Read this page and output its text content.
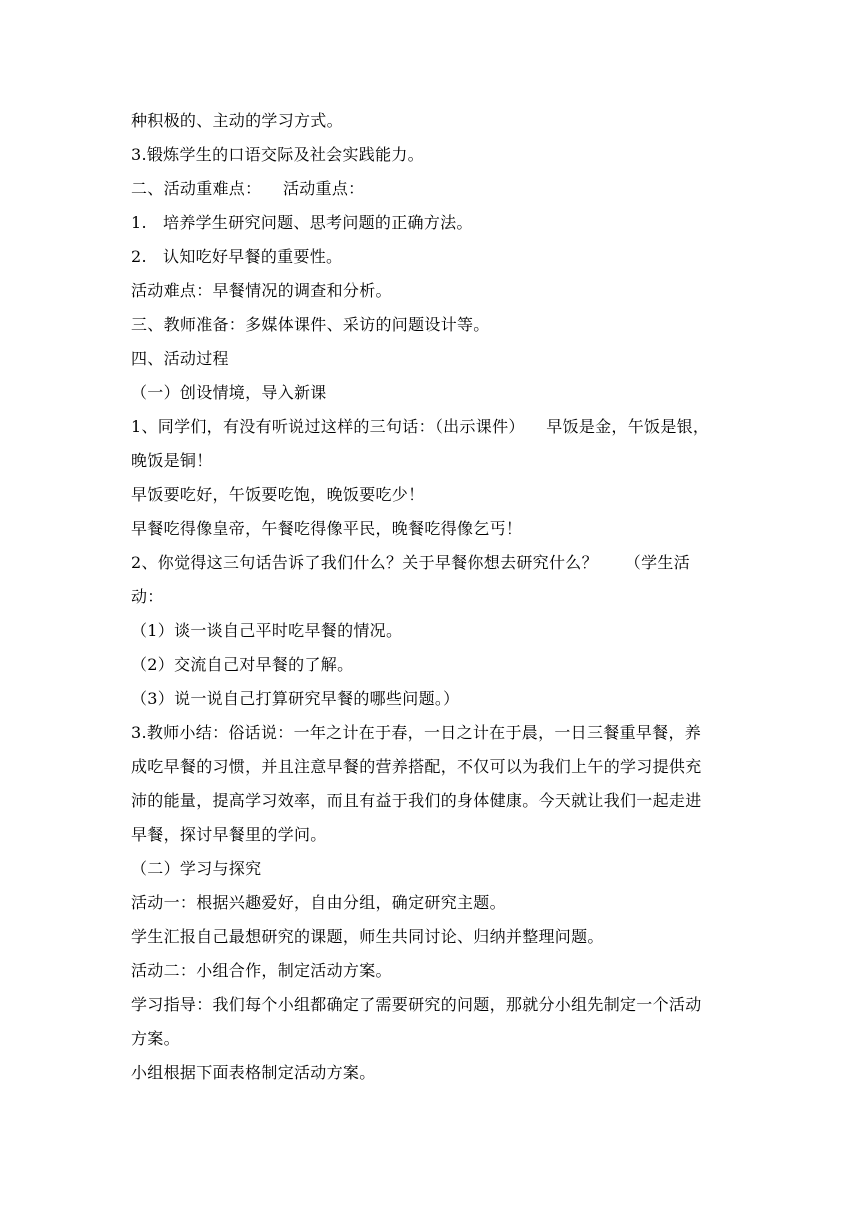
种积极的、主动的学习方式。

3.锻炼学生的口语交际及社会实践能力。

二、活动重难点：    活动重点：

1.   培养学生研究问题、思考问题的正确方法。

2.   认知吃好早餐的重要性。

活动难点：早餐情况的调查和分析。

三、教师准备：多媒体课件、采访的问题设计等。

四、活动过程

（一）创设情境，导入新课

1、同学们，有没有听说过这样的三句话：（出示课件）    早饭是金，午饭是银，

晚饭是铜！

早饭要吃好，午饭要吃饱，晚饭要吃少！

早餐吃得像皇帝，午餐吃得像平民，晚餐吃得像乞丐！

2、你觉得这三句话告诉了我们什么？关于早餐你想去研究什么？     （学生活

动：

（1）谈一谈自己平时吃早餐的情况。

（2）交流自己对早餐的了解。

（3）说一说自己打算研究早餐的哪些问题。）

3.教师小结：俗话说：一年之计在于春，一日之计在于晨，一日三餐重早餐，养

成吃早餐的习惯，并且注意早餐的营养搭配，不仅可以为我们上午的学习提供充

沛的能量，提高学习效率，而且有益于我们的身体健康。今天就让我们一起走进

早餐，探讨早餐里的学问。

（二）学习与探究

活动一：根据兴趣爱好，自由分组，确定研究主题。

学生汇报自己最想研究的课题，师生共同讨论、归纳并整理问题。

活动二：小组合作，制定活动方案。

学习指导：我们每个小组都确定了需要研究的问题，那就分小组先制定一个活动

方案。

小组根据下面表格制定活动方案。
